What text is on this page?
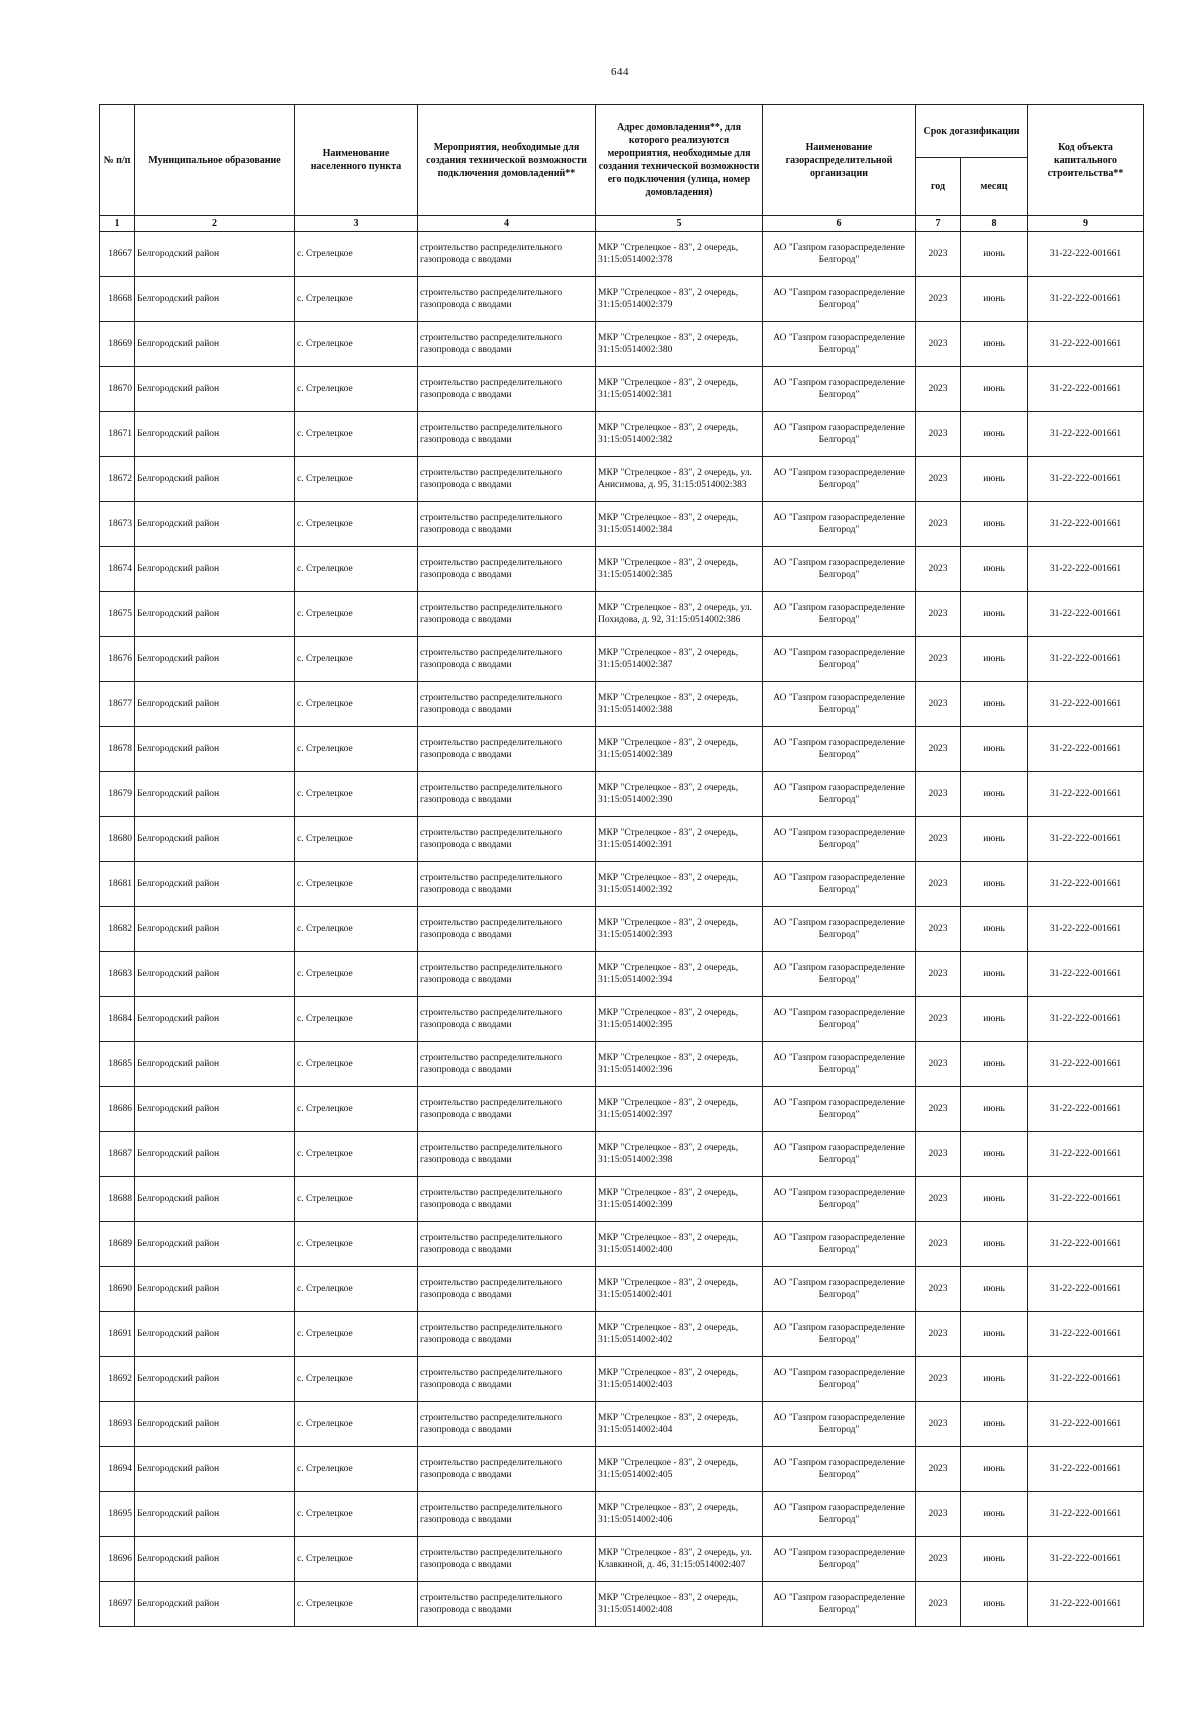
644
№ п/п	Муниципальное образование	Наименование населенного пункта	Мероприятия, необходимые для создания технической возможности подключения домовладений**	Адрес домовладения**, для которого реализуются мероприятия, необходимые для создания технической возможности его подключения (улица, номер домовладения)	Наименование газораспределительной организации	Срок догазификации		Код объекта капитального строительства**
						год	месяц	
1	2	3	4	5	6	7	8	9
18667	Белгородский район	с. Стрелецкое	строительство распределительного газопровода с вводами	МКР "Стрелецкое - 83", 2 очередь, 31:15:0514002:378	АО "Газпром газораспределение Белгород"	2023	июнь	31-22-222-001661
18668	Белгородский район	с. Стрелецкое	строительство распределительного газопровода с вводами	МКР "Стрелецкое - 83", 2 очередь, 31:15:0514002:379	АО "Газпром газораспределение Белгород"	2023	июнь	31-22-222-001661
18669	Белгородский район	с. Стрелецкое	строительство распределительного газопровода с вводами	МКР "Стрелецкое - 83", 2 очередь, 31:15:0514002:380	АО "Газпром газораспределение Белгород"	2023	июнь	31-22-222-001661
18670	Белгородский район	с. Стрелецкое	строительство распределительного газопровода с вводами	МКР "Стрелецкое - 83", 2 очередь, 31:15:0514002:381	АО "Газпром газораспределение Белгород"	2023	июнь	31-22-222-001661
18671	Белгородский район	с. Стрелецкое	строительство распределительного газопровода с вводами	МКР "Стрелецкое - 83", 2 очередь, 31:15:0514002:382	АО "Газпром газораспределение Белгород"	2023	июнь	31-22-222-001661
18672	Белгородский район	с. Стрелецкое	строительство распределительного газопровода с вводами	МКР "Стрелецкое - 83", 2 очередь, ул. Анисимова, д. 95, 31:15:0514002:383	АО "Газпром газораспределение Белгород"	2023	июнь	31-22-222-001661
18673	Белгородский район	с. Стрелецкое	строительство распределительного газопровода с вводами	МКР "Стрелецкое - 83", 2 очередь, 31:15:0514002:384	АО "Газпром газораспределение Белгород"	2023	июнь	31-22-222-001661
18674	Белгородский район	с. Стрелецкое	строительство распределительного газопровода с вводами	МКР "Стрелецкое - 83", 2 очередь, 31:15:0514002:385	АО "Газпром газораспределение Белгород"	2023	июнь	31-22-222-001661
18675	Белгородский район	с. Стрелецкое	строительство распределительного газопровода с вводами	МКР "Стрелецкое - 83", 2 очередь, ул. Похидова, д. 92, 31:15:0514002:386	АО "Газпром газораспределение Белгород"	2023	июнь	31-22-222-001661
18676	Белгородский район	с. Стрелецкое	строительство распределительного газопровода с вводами	МКР "Стрелецкое - 83", 2 очередь, 31:15:0514002:387	АО "Газпром газораспределение Белгород"	2023	июнь	31-22-222-001661
18677	Белгородский район	с. Стрелецкое	строительство распределительного газопровода с вводами	МКР "Стрелецкое - 83", 2 очередь, 31:15:0514002:388	АО "Газпром газораспределение Белгород"	2023	июнь	31-22-222-001661
18678	Белгородский район	с. Стрелецкое	строительство распределительного газопровода с вводами	МКР "Стрелецкое - 83", 2 очередь, 31:15:0514002:389	АО "Газпром газораспределение Белгород"	2023	июнь	31-22-222-001661
18679	Белгородский район	с. Стрелецкое	строительство распределительного газопровода с вводами	МКР "Стрелецкое - 83", 2 очередь, 31:15:0514002:390	АО "Газпром газораспределение Белгород"	2023	июнь	31-22-222-001661
18680	Белгородский район	с. Стрелецкое	строительство распределительного газопровода с вводами	МКР "Стрелецкое - 83", 2 очередь, 31:15:0514002:391	АО "Газпром газораспределение Белгород"	2023	июнь	31-22-222-001661
18681	Белгородский район	с. Стрелецкое	строительство распределительного газопровода с вводами	МКР "Стрелецкое - 83", 2 очередь, 31:15:0514002:392	АО "Газпром газораспределение Белгород"	2023	июнь	31-22-222-001661
18682	Белгородский район	с. Стрелецкое	строительство распределительного газопровода с вводами	МКР "Стрелецкое - 83", 2 очередь, 31:15:0514002:393	АО "Газпром газораспределение Белгород"	2023	июнь	31-22-222-001661
18683	Белгородский район	с. Стрелецкое	строительство распределительного газопровода с вводами	МКР "Стрелецкое - 83", 2 очередь, 31:15:0514002:394	АО "Газпром газораспределение Белгород"	2023	июнь	31-22-222-001661
18684	Белгородский район	с. Стрелецкое	строительство распределительного газопровода с вводами	МКР "Стрелецкое - 83", 2 очередь, 31:15:0514002:395	АО "Газпром газораспределение Белгород"	2023	июнь	31-22-222-001661
18685	Белгородский район	с. Стрелецкое	строительство распределительного газопровода с вводами	МКР "Стрелецкое - 83", 2 очередь, 31:15:0514002:396	АО "Газпром газораспределение Белгород"	2023	июнь	31-22-222-001661
18686	Белгородский район	с. Стрелецкое	строительство распределительного газопровода с вводами	МКР "Стрелецкое - 83", 2 очередь, 31:15:0514002:397	АО "Газпром газораспределение Белгород"	2023	июнь	31-22-222-001661
18687	Белгородский район	с. Стрелецкое	строительство распределительного газопровода с вводами	МКР "Стрелецкое - 83", 2 очередь, 31:15:0514002:398	АО "Газпром газораспределение Белгород"	2023	июнь	31-22-222-001661
18688	Белгородский район	с. Стрелецкое	строительство распределительного газопровода с вводами	МКР "Стрелецкое - 83", 2 очередь, 31:15:0514002:399	АО "Газпром газораспределение Белгород"	2023	июнь	31-22-222-001661
18689	Белгородский район	с. Стрелецкое	строительство распределительного газопровода с вводами	МКР "Стрелецкое - 83", 2 очередь, 31:15:0514002:400	АО "Газпром газораспределение Белгород"	2023	июнь	31-22-222-001661
18690	Белгородский район	с. Стрелецкое	строительство распределительного газопровода с вводами	МКР "Стрелецкое - 83", 2 очередь, 31:15:0514002:401	АО "Газпром газораспределение Белгород"	2023	июнь	31-22-222-001661
18691	Белгородский район	с. Стрелецкое	строительство распределительного газопровода с вводами	МКР "Стрелецкое - 83", 2 очередь, 31:15:0514002:402	АО "Газпром газораспределение Белгород"	2023	июнь	31-22-222-001661
18692	Белгородский район	с. Стрелецкое	строительство распределительного газопровода с вводами	МКР "Стрелецкое - 83", 2 очередь, 31:15:0514002:403	АО "Газпром газораспределение Белгород"	2023	июнь	31-22-222-001661
18693	Белгородский район	с. Стрелецкое	строительство распределительного газопровода с вводами	МКР "Стрелецкое - 83", 2 очередь, 31:15:0514002:404	АО "Газпром газораспределение Белгород"	2023	июнь	31-22-222-001661
18694	Белгородский район	с. Стрелецкое	строительство распределительного газопровода с вводами	МКР "Стрелецкое - 83", 2 очередь, 31:15:0514002:405	АО "Газпром газораспределение Белгород"	2023	июнь	31-22-222-001661
18695	Белгородский район	с. Стрелецкое	строительство распределительного газопровода с вводами	МКР "Стрелецкое - 83", 2 очередь, 31:15:0514002:406	АО "Газпром газораспределение Белгород"	2023	июнь	31-22-222-001661
18696	Белгородский район	с. Стрелецкое	строительство распределительного газопровода с вводами	МКР "Стрелецкое - 83", 2 очередь, ул. Клавкиной, д. 46, 31:15:0514002:407	АО "Газпром газораспределение Белгород"	2023	июнь	31-22-222-001661
18697	Белгородский район	с. Стрелецкое	строительство распределительного газопровода с вводами	МКР "Стрелецкое - 83", 2 очередь, 31:15:0514002:408	АО "Газпром газораспределение Белгород"	2023	июнь	31-22-222-001661
